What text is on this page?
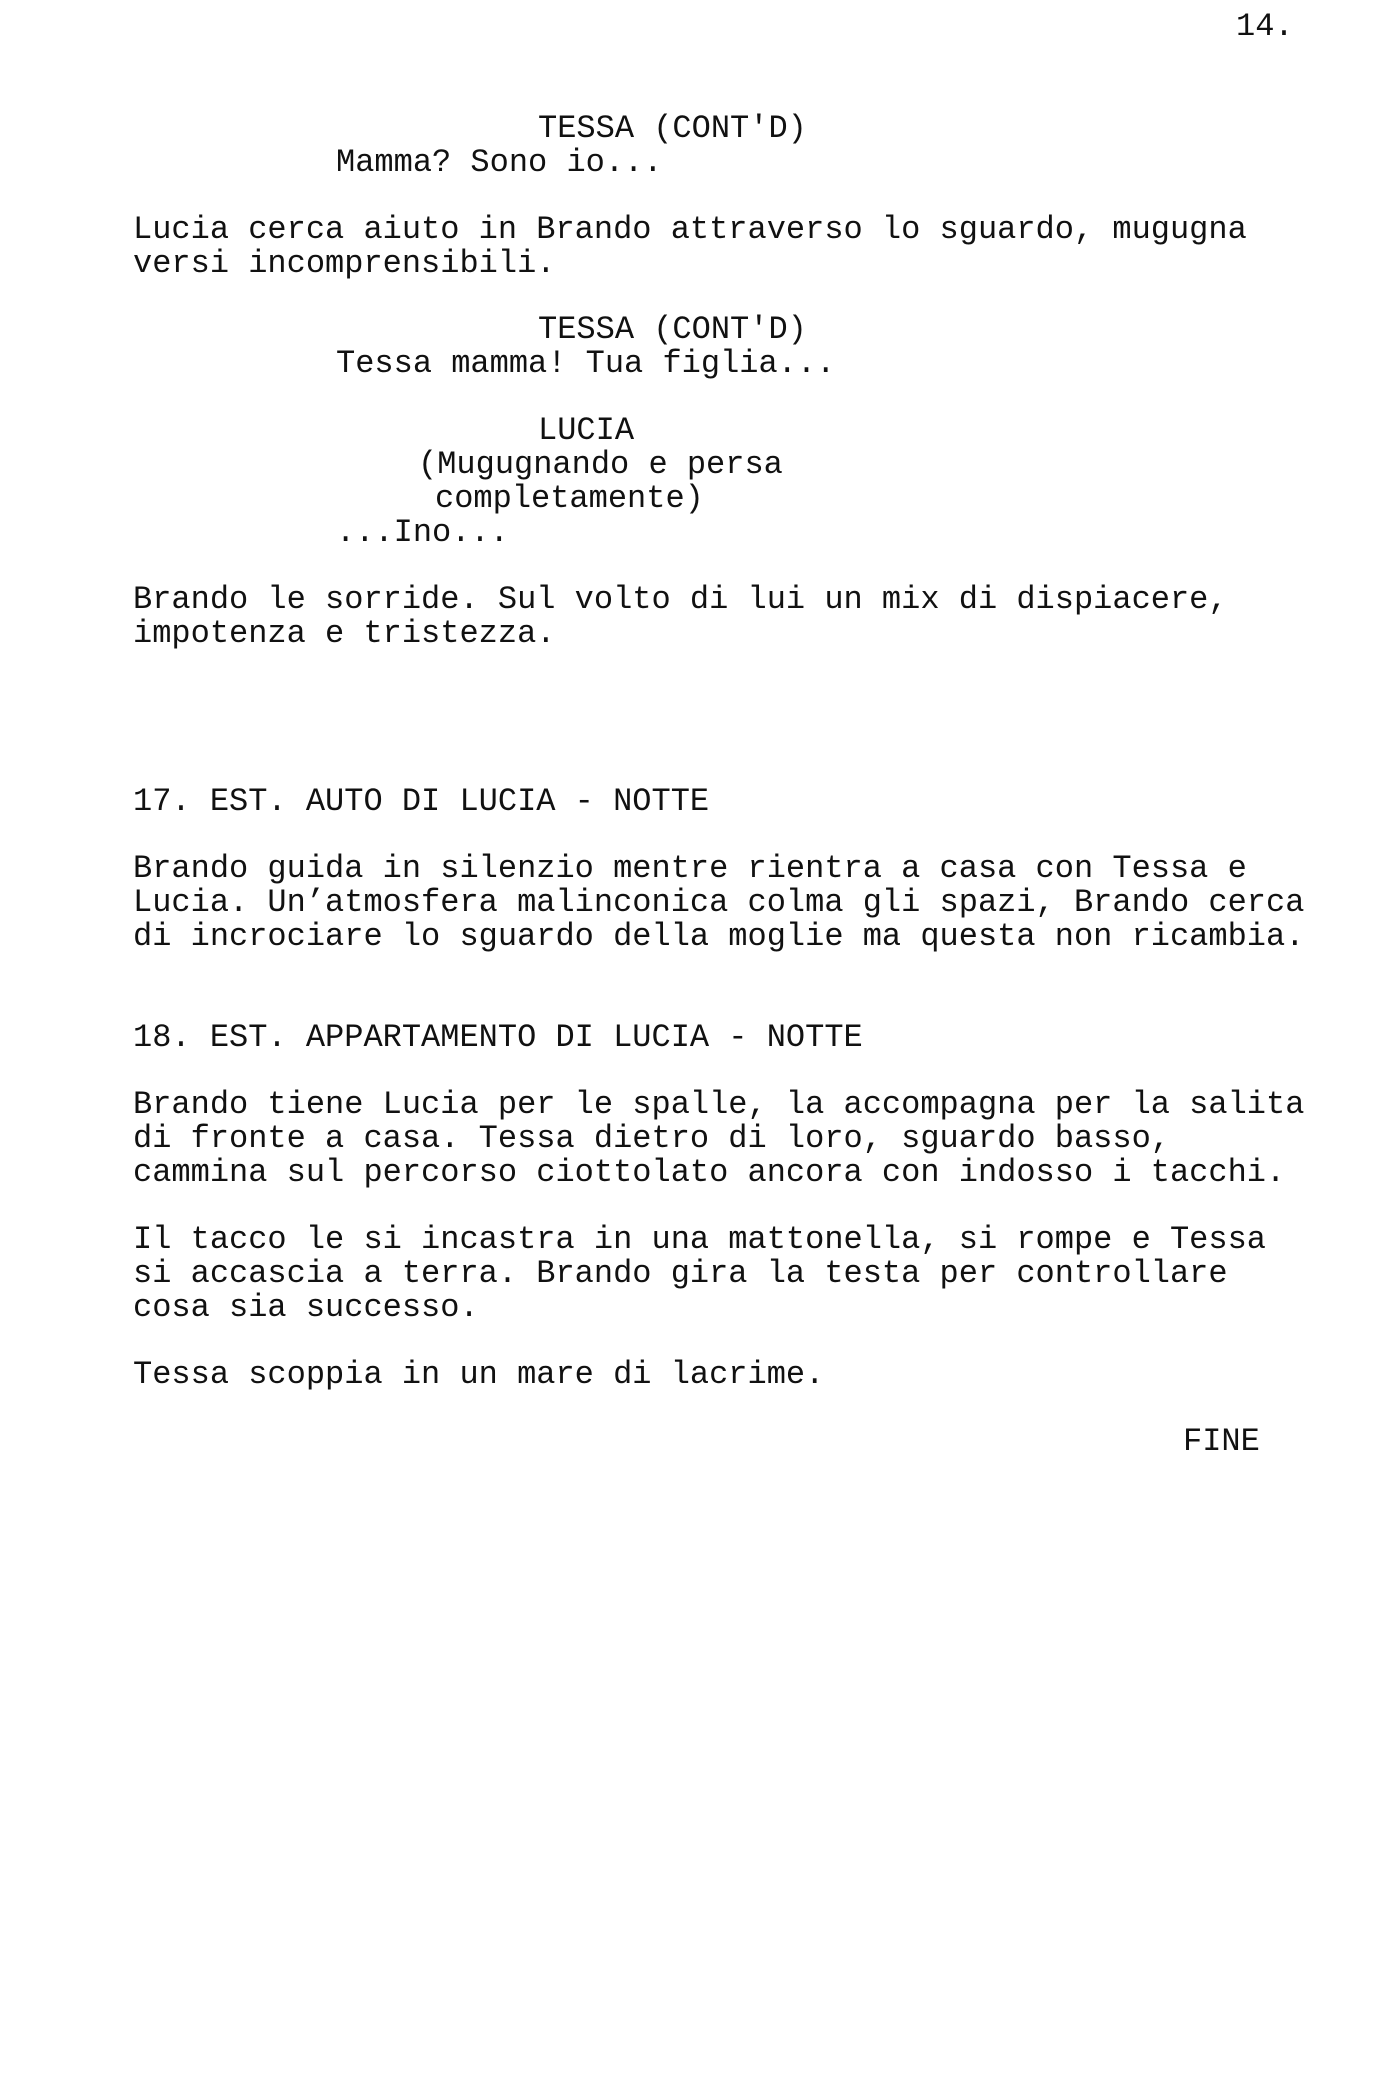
14.
TESSA (CONT'D)
Mamma? Sono io...
Lucia cerca aiuto in Brando attraverso lo sguardo, mugugna
versi incomprensibili.
TESSA (CONT'D)
Tessa mamma! Tua figlia...
LUCIA
(Mugugnando e persa
completamente)
...Ino...
Brando le sorride. Sul volto di lui un mix di dispiacere,
impotenza e tristezza.
17. EST. AUTO DI LUCIA - NOTTE
Brando guida in silenzio mentre rientra a casa con Tessa e
Lucia. Un’atmosfera malinconica colma gli spazi, Brando cerca
di incrociare lo sguardo della moglie ma questa non ricambia.
18. EST. APPARTAMENTO DI LUCIA - NOTTE
Brando tiene Lucia per le spalle, la accompagna per la salita
di fronte a casa. Tessa dietro di loro, sguardo basso,
cammina sul percorso ciottolato ancora con indosso i tacchi.
Il tacco le si incastra in una mattonella, si rompe e Tessa
si accascia a terra. Brando gira la testa per controllare
cosa sia successo.
Tessa scoppia in un mare di lacrime.
FINE
